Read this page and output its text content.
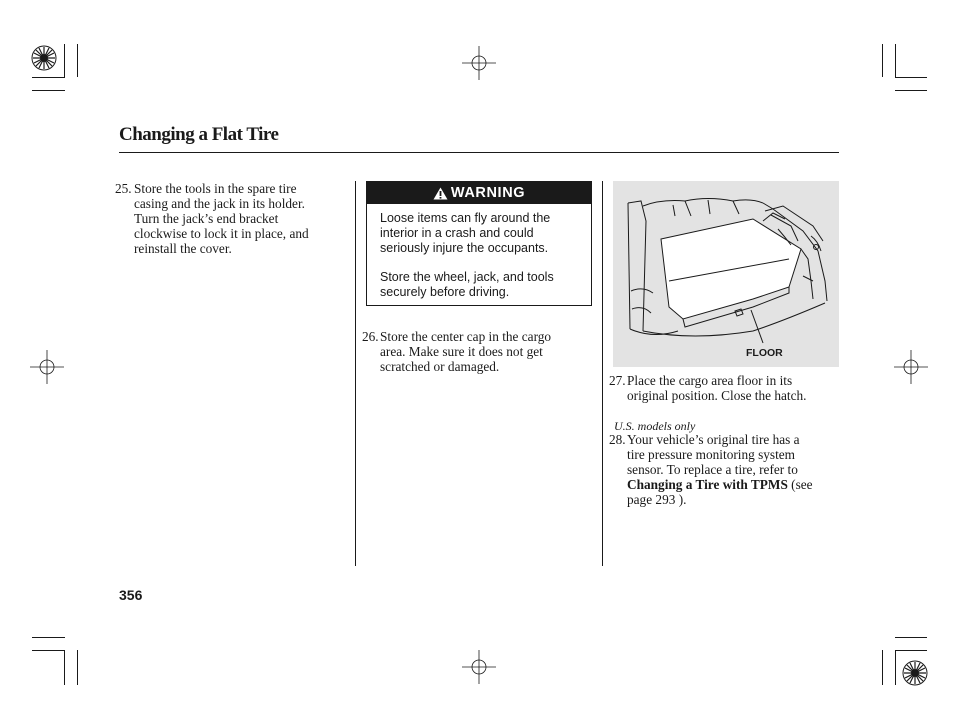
Changing a Flat Tire
25. Store the tools in the spare tire
casing and the jack in its holder.
Turn the jack’s end bracket
clockwise to lock it in place, and
reinstall the cover.
WARNING
Loose items can fly around the
interior in a crash and could
seriously injure the occupants.
Store the wheel, jack, and tools
securely before driving.
26. Store the center cap in the cargo
area. Make sure it does not get
scratched or damaged.
FLOOR
27. Place the cargo area floor in its
original position. Close the hatch.
U.S. models only
28. Your vehicle’s original tire has a
tire pressure monitoring system
sensor. To replace a tire, refer to
Changing a Tire with TPMS (see
page 293 ).
356
